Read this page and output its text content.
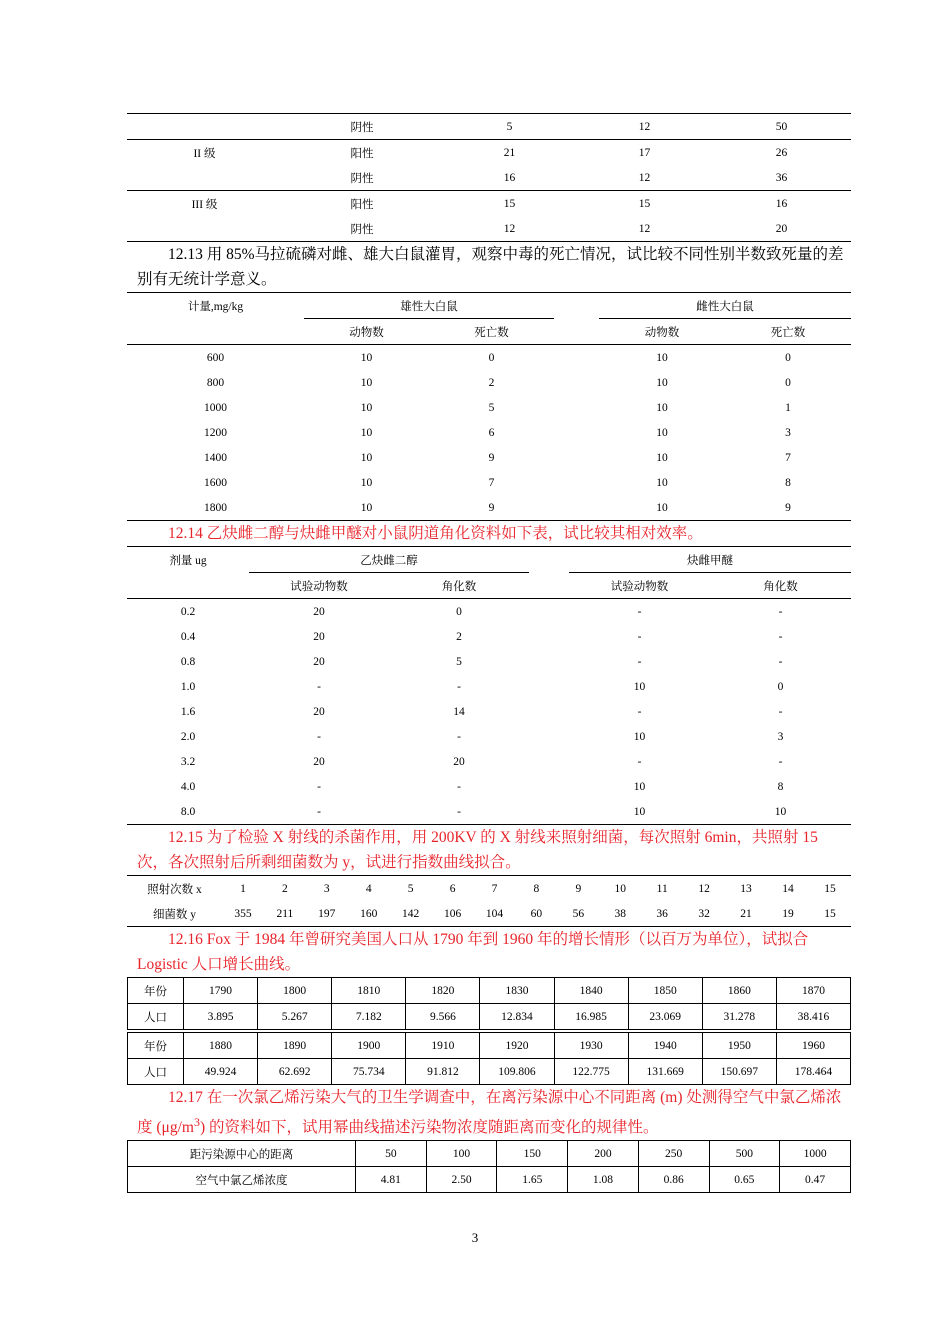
	阴性	5	12	50
II 级	阳性	21	17	26
	阴性	16	12	36
III 级	阳性	15	15	16
	阴性	12	12	20

12.13 用 85%马拉硫磷对雌、雄大白鼠灌胃，观察中毒的死亡情况，试比较不同性别半数致死量的差别有无统计学意义。

计量,mg/kg	雄性大白鼠			雌性大白鼠	
	动物数	死亡数		动物数	死亡数
600	10	0		10	0
800	10	2		10	0
1000	10	5		10	1
1200	10	6		10	3
1400	10	9		10	7
1600	10	7		10	8
1800	10	9		10	9

12.14 乙炔雌二醇与炔雌甲醚对小鼠阴道角化资料如下表，试比较其相对效率。

剂量 ug	乙炔雌二醇			炔雌甲醚	
	试验动物数	角化数		试验动物数	角化数
0.2	20	0		-	-
0.4	20	2		-	-
0.8	20	5		-	-
1.0	-	-		10	0
1.6	20	14		-	-
2.0	-	-		10	3
3.2	20	20		-	-
4.0	-	-		10	8
8.0	-	-		10	10

12.15 为了检验 X 射线的杀菌作用，用 200KV 的 X 射线来照射细菌，每次照射 6min，共照射 15 次，各次照射后所剩细菌数为 y，试进行指数曲线拟合。

照射次数 x	1	2	3	4	5	6	7	8	9	10	11	12	13	14	15
细菌数 y	355	211	197	160	142	106	104	60	56	38	36	32	21	19	15

12.16 Fox 于 1984 年曾研究美国人口从 1790 年到 1960 年的增长情形（以百万为单位），试拟合 Logistic 人口增长曲线。

年份	1790	1800	1810	1820	1830	1840	1850	1860	1870
人口	3.895	5.267	7.182	9.566	12.834	16.985	23.069	31.278	38.416
年份	1880	1890	1900	1910	1920	1930	1940	1950	1960
人口	49.924	62.692	75.734	91.812	109.806	122.775	131.669	150.697	178.464

12.17 在一次氯乙烯污染大气的卫生学调查中，在离污染源中心不同距离 (m) 处测得空气中氯乙烯浓度 $(\mu g/m^3)$ 的资料如下，试用幂曲线描述污染物浓度随距离而变化的规律性。

距污染源中心的距离	50	100	150	200	250	500	1000
空气中氯乙烯浓度	4.81	2.50	1.65	1.08	0.86	0.65	0.47
3
